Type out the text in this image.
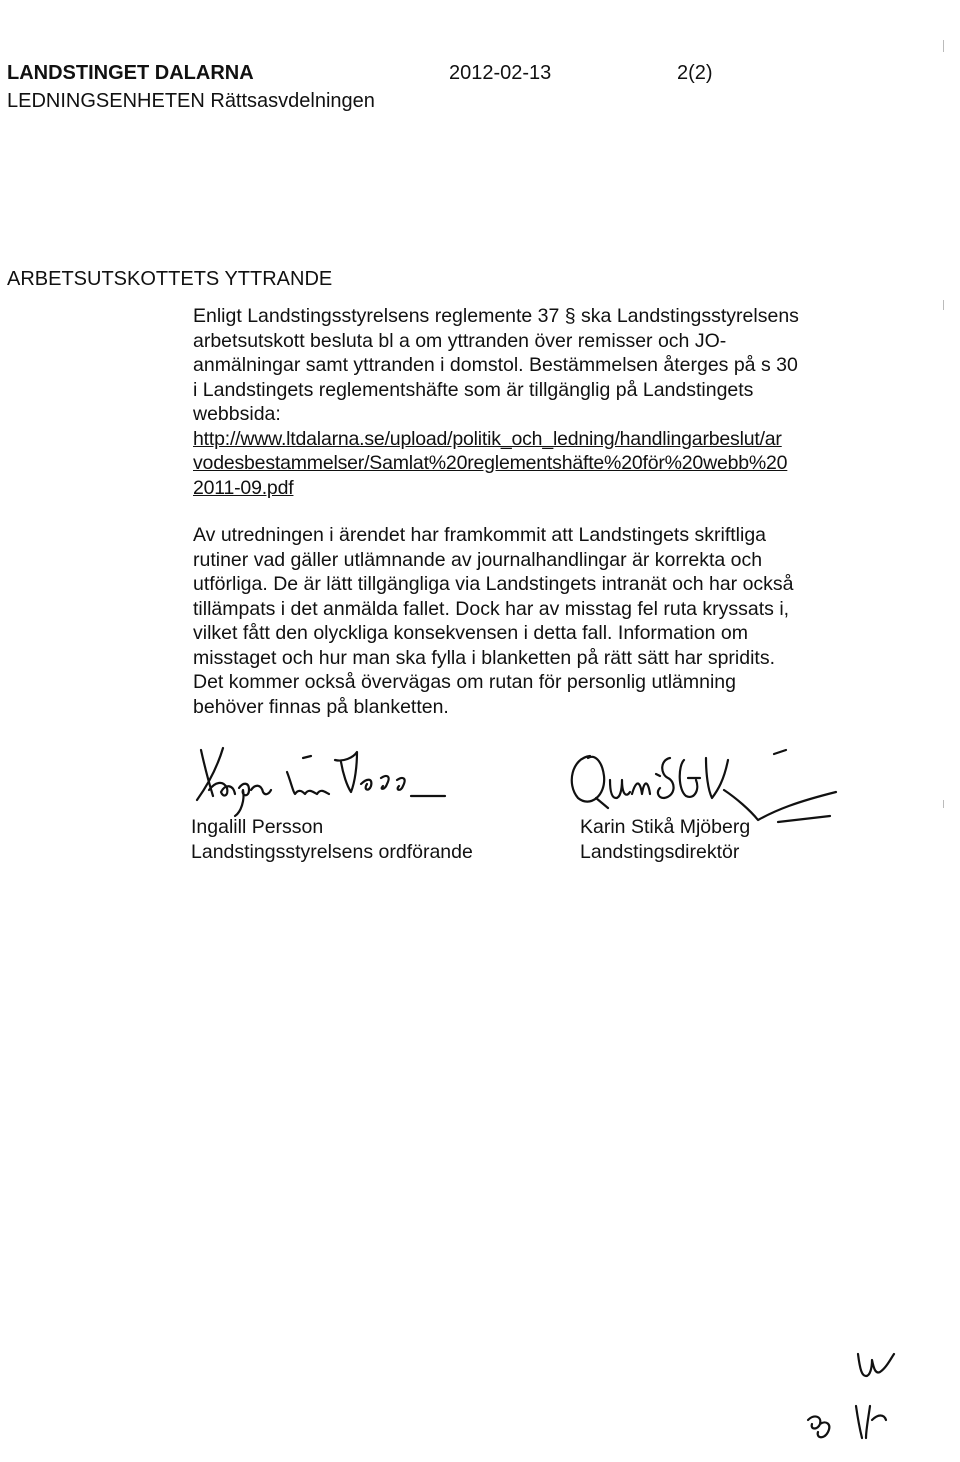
LANDSTINGET DALARNA
LEDNINGSENHETEN Rättsasvdelningen
2012-02-13	2(2)
ARBETSUTSKOTTETS YTTRANDE

Enligt Landstingsstyrelsens reglemente 37 § ska Landstingsstyrelsens

arbetsutskott besluta bl a om yttranden över remisser och JO-

anmälningar samt yttranden i domstol. Bestämmelsen återges på s 30

i Landstingets reglementshäfte som är tillgänglig på Landstingets

webbsida:

http://www.ltdalarna.se/upload/politik_och_ledning/handlingarbeslut/ar

vodesbestammelser/Samlat%20reglementshäfte%20för%20webb%20

2011-09.pdf

Av utredningen i ärendet har framkommit att Landstingets skriftliga

rutiner vad gäller utlämnande av journalhandlingar är korrekta och

utförliga. De är lätt tillgängliga via Landstingets intranät och har också

tillämpats i det anmälda fallet. Dock har av misstag fel ruta kryssats i,

vilket fått den olyckliga konsekvensen i detta fall. Information om

misstaget och hur man ska fylla i blanketten på rätt sätt har spridits.

Det kommer också övervägas om rutan för personlig utlämning

behöver finnas på blanketten.

Ingalill Persson
Landstingsstyrelsens ordförande
Karin Stikå Mjöberg
Landstingsdirektör
